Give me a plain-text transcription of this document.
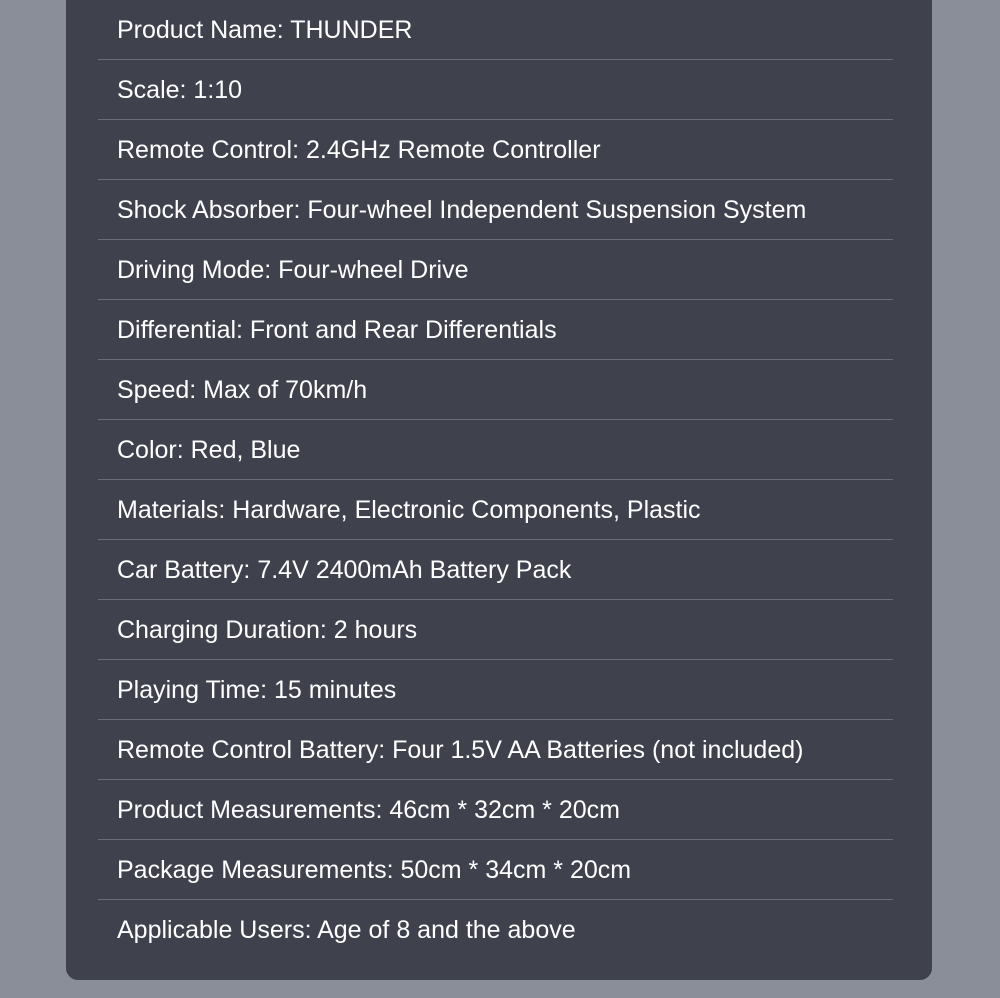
Product Name: THUNDER
Scale: 1:10
Remote Control: 2.4GHz Remote Controller
Shock Absorber: Four-wheel Independent Suspension System
Driving Mode: Four-wheel Drive
Differential: Front and Rear Differentials
Speed: Max of 70km/h
Color: Red, Blue
Materials: Hardware, Electronic Components, Plastic
Car Battery: 7.4V 2400mAh Battery Pack
Charging Duration: 2 hours
Playing Time: 15 minutes
Remote Control Battery: Four 1.5V AA Batteries (not included)
Product Measurements: 46cm * 32cm * 20cm
Package Measurements: 50cm * 34cm * 20cm
Applicable Users: Age of 8 and the above
